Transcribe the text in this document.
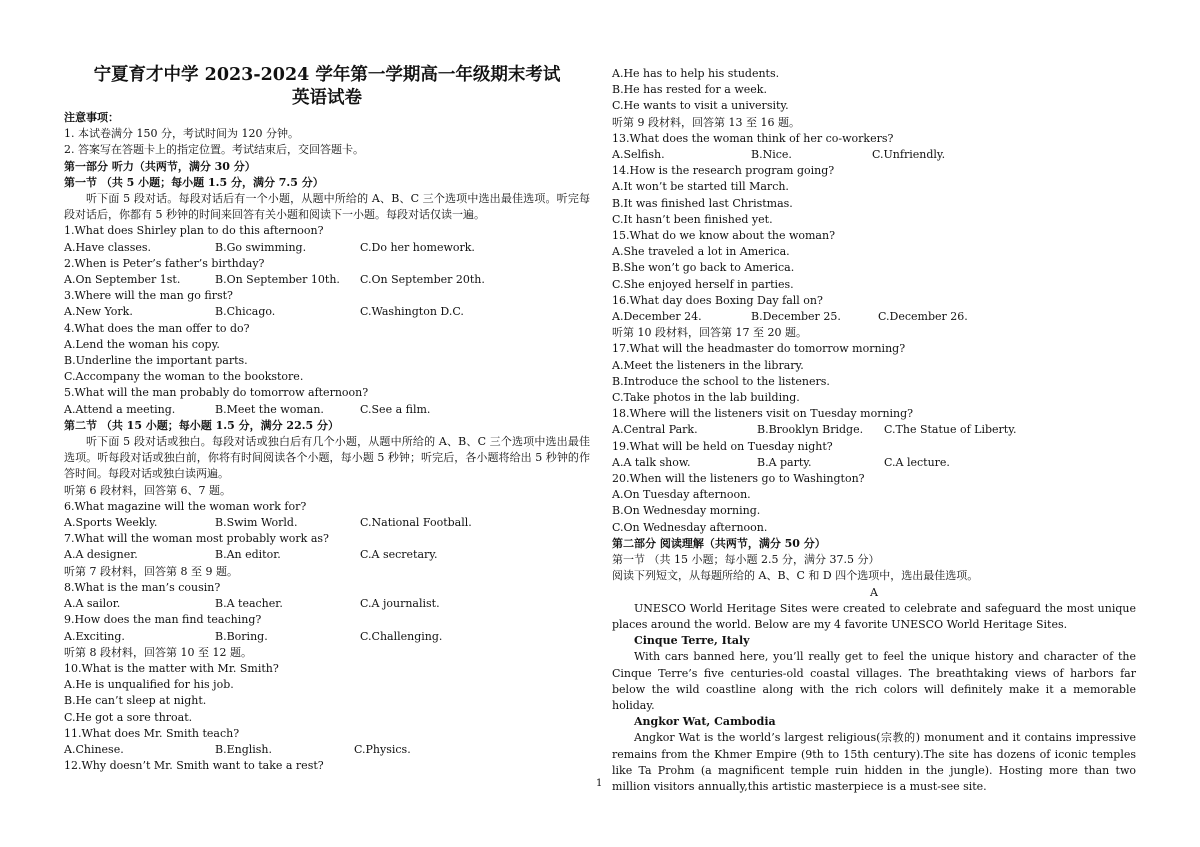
宁夏育才中学 2023-2024 学年第一学期高一年级期末考试
英语试卷
注意事项：
1. 本试卷满分 150 分，考试时间为 120 分钟。
2. 答案写在答题卡上的指定位置。考试结束后，交回答题卡。
第一部分 听力（共两节，满分 30 分）
第一节 （共 5 小题；每小题 1.5 分，满分 7.5 分）
听下面 5 段对话。每段对话后有一个小题，从题中所给的 A、B、C 三个选项中选出最佳选项。听完每段对话后，你都有 5 秒钟的时间来回答有关小题和阅读下一小题。每段对话仅读一遍。
1.What does Shirley plan to do this afternoon?
A.Have classes.	B.Go swimming.	C.Do her homework.
2.When is Peter’s father’s birthday?
A.On September 1st.	B.On September 10th.	C.On September 20th.
3.Where will the man go first?
A.New York.	B.Chicago.	C.Washington D.C.
4.What does the man offer to do?
A.Lend the woman his copy.
B.Underline the important parts.
C.Accompany the woman to the bookstore.
5.What will the man probably do tomorrow afternoon?
A.Attend a meeting.	B.Meet the woman.	C.See a film.
第二节 （共 15 小题；每小题 1.5 分，满分 22.5 分）
听下面 5 段对话或独白。每段对话或独白后有几个小题，从题中所给的 A、B、C 三个选项中选出最佳选项。听每段对话或独白前，你将有时间阅读各个小题，每小题 5 秒钟；听完后，各小题将给出 5 秒钟的作答时间。每段对话或独白读两遍。
听第 6 段材料，回答第 6、7 题。
6.What magazine will the woman work for?
A.Sports Weekly.	B.Swim World.	C.National Football.
7.What will the woman most probably work as?
A.A designer.	B.An editor.	C.A secretary.
听第 7 段材料，回答第 8 至 9 题。
8.What is the man’s cousin?
A.A sailor.	B.A teacher.	C.A journalist.
9.How does the man find teaching?
A.Exciting.	B.Boring.	C.Challenging.
听第 8 段材料，回答第 10 至 12 题。
10.What is the matter with Mr. Smith?
A.He is unqualified for his job.
B.He can’t sleep at night.
C.He got a sore throat.
11.What does Mr. Smith teach?
A.Chinese.	B.English.	C.Physics.
12.Why doesn’t Mr. Smith want to take a rest?
A.He has to help his students.
B.He has rested for a week.
C.He wants to visit a university.
听第 9 段材料，回答第 13 至 16 题。
13.What does the woman think of her co-workers?
A.Selfish.	B.Nice.	C.Unfriendly.
14.How is the research program going?
A.It won’t be started till March.
B.It was finished last Christmas.
C.It hasn’t been finished yet.
15.What do we know about the woman?
A.She traveled a lot in America.
B.She won’t go back to America.
C.She enjoyed herself in parties.
16.What day does Boxing Day fall on?
A.December 24.	B.December 25.	C.December 26.
听第 10 段材料，回答第 17 至 20 题。
17.What will the headmaster do tomorrow morning?
A.Meet the listeners in the library.
B.Introduce the school to the listeners.
C.Take photos in the lab building.
18.Where will the listeners visit on Tuesday morning?
A.Central Park.	B.Brooklyn Bridge.	C.The Statue of Liberty.
19.What will be held on Tuesday night?
A.A talk show.	B.A party.	C.A lecture.
20.When will the listeners go to Washington?
A.On Tuesday afternoon.
B.On Wednesday morning.
C.On Wednesday afternoon.
第二部分 阅读理解（共两节，满分 50 分）
第一节 （共 15 小题；每小题 2.5 分，满分 37.5 分）
阅读下列短文，从每题所给的 A、B、C 和 D 四个选项中，选出最佳选项。
A
UNESCO World Heritage Sites were created to celebrate and safeguard the most unique places around the world. Below are my 4 favorite UNESCO World Heritage Sites.
Cinque Terre, Italy
With cars banned here, you’ll really get to feel the unique history and character of the Cinque Terre’s five centuries-old coastal villages. The breathtaking views of harbors far below the wild coastline along with the rich colors will definitely make it a memorable holiday.
Angkor Wat, Cambodia
Angkor Wat is the world’s largest religious(宗教的) monument and it contains impressive remains from the Khmer Empire (9th to 15th century).The site has dozens of iconic temples like Ta Prohm (a magnificent temple ruin hidden in the jungle). Hosting more than two million visitors annually,this artistic masterpiece is a must-see site.
1
